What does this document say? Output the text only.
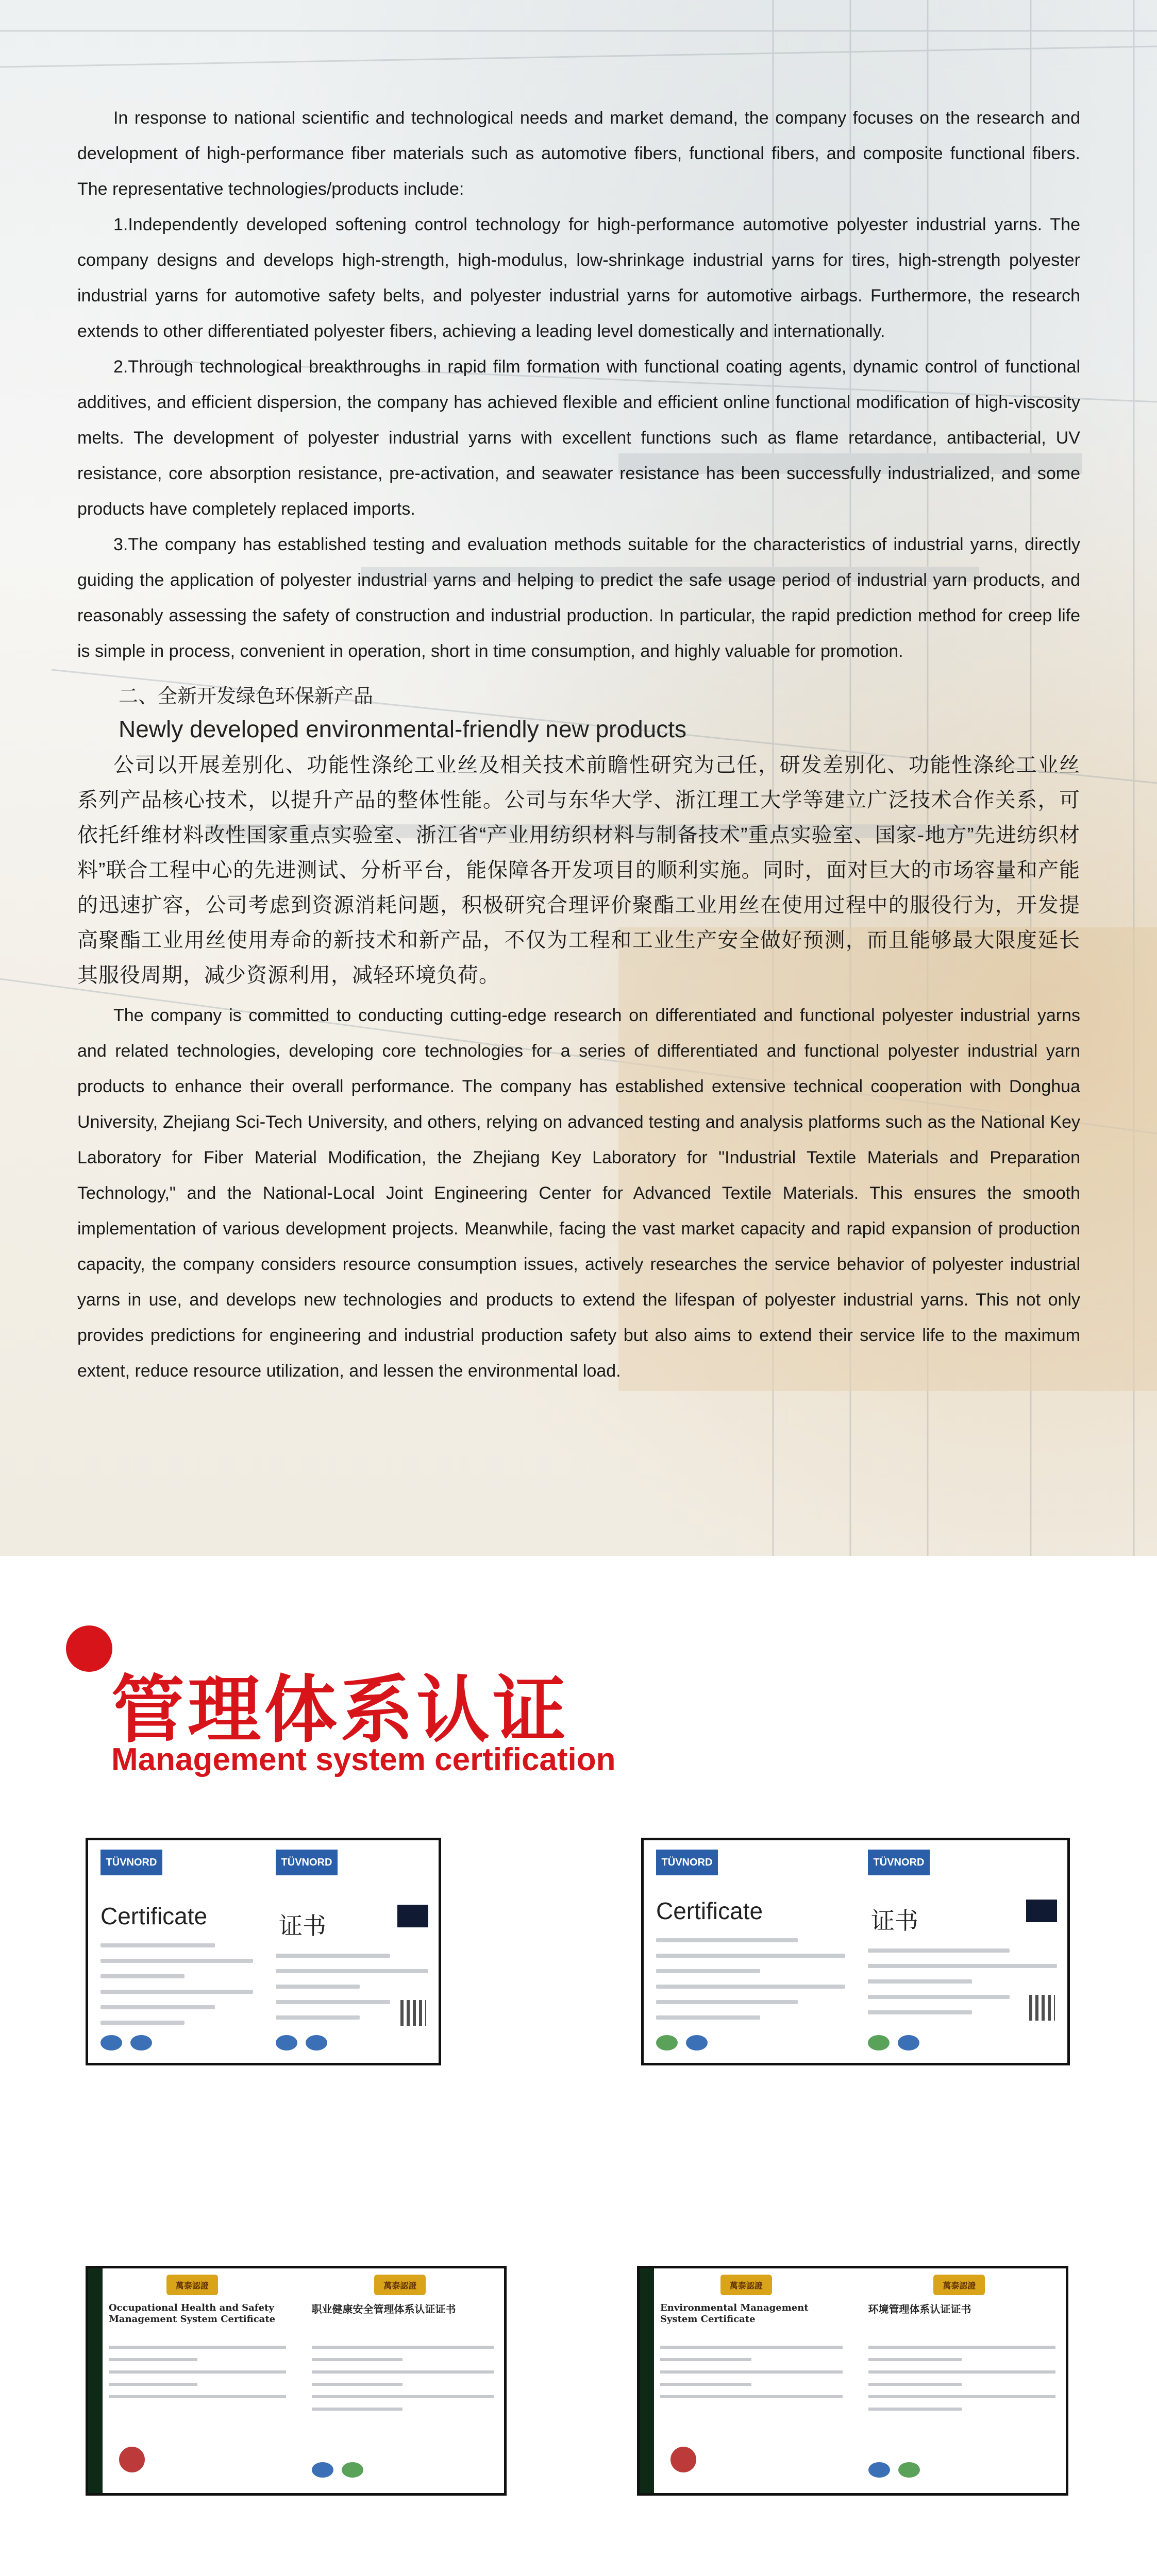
In response to national scientific and technological needs and market demand, the company focuses on the research and development of high-performance fiber materials such as automotive fibers, functional fibers, and composite functional fibers. The representative technologies/products include:

1.Independently developed softening control technology for high-performance automotive polyester industrial yarns. The company designs and develops high-strength, high-modulus, low-shrinkage industrial yarns for tires, high-strength polyester industrial yarns for automotive safety belts, and polyester industrial yarns for automotive airbags. Furthermore, the research extends to other differentiated polyester fibers, achieving a leading level domestically and internationally.

2.Through technological breakthroughs in rapid film formation with functional coating agents, dynamic control of functional additives, and efficient dispersion, the company has achieved flexible and efficient online functional modification of high-viscosity melts. The development of polyester industrial yarns with excellent functions such as flame retardance, antibacterial, UV resistance, core absorption resistance, pre-activation, and seawater resistance has been successfully industrialized, and some products have completely replaced imports.

3.The company has established testing and evaluation methods suitable for the characteristics of industrial yarns, directly guiding the application of polyester industrial yarns and helping to predict the safe usage period of industrial yarn products, and reasonably assessing the safety of construction and industrial production. In particular, the rapid prediction method for creep life is simple in process, convenient in operation, short in time consumption, and highly valuable for promotion.

二、全新开发绿色环保新产品

Newly developed environmental-friendly new products

公司以开展差别化、功能性涤纶工业丝及相关技术前瞻性研究为己任，研发差别化、功能性涤纶工业丝系列产品核心技术，以提升产品的整体性能。公司与东华大学、浙江理工大学等建立广泛技术合作关系，可依托纤维材料改性国家重点实验室、浙江省“产业用纺织材料与制备技术”重点实验室、国家-地方”先进纺织材料”联合工程中心的先进测试、分析平台，能保障各开发项目的顺利实施。同时，面对巨大的市场容量和产能的迅速扩容，公司考虑到资源消耗问题，积极研究合理评价聚酯工业用丝在使用过程中的服役行为，开发提高聚酯工业用丝使用寿命的新技术和新产品，不仅为工程和工业生产安全做好预测，而且能够最大限度延长其服役周期，减少资源利用，减轻环境负荷。

The company is committed to conducting cutting-edge research on differentiated and functional polyester industrial yarns and related technologies, developing core technologies for a series of differentiated and functional polyester industrial yarn products to enhance their overall performance. The company has established extensive technical cooperation with Donghua University, Zhejiang Sci-Tech University, and others, relying on advanced testing and analysis platforms such as the National Key Laboratory for Fiber Material Modification, the Zhejiang Key Laboratory for "Industrial Textile Materials and Preparation Technology," and the National-Local Joint Engineering Center for Advanced Textile Materials. This ensures the smooth implementation of various development projects. Meanwhile, facing the vast market capacity and rapid expansion of production capacity, the company considers resource consumption issues, actively researches the service behavior of polyester industrial yarns in use, and develops new technologies and products to extend the lifespan of polyester industrial yarns. This not only provides predictions for engineering and industrial production safety but also aims to extend their service life to the maximum extent, reduce resource utilization, and lessen the environmental load.

管理体系认证
Management system certification
TÜVNORD
Certificate
TÜVNORD
证书
TÜVNORD
Certificate
TÜVNORD
证书
萬泰認證
Occupational Health and Safety Management System Certificate
萬泰認證
职业健康安全管理体系认证证书
萬泰認證
Environmental Management System Certificate
萬泰認證
环境管理体系认证证书
